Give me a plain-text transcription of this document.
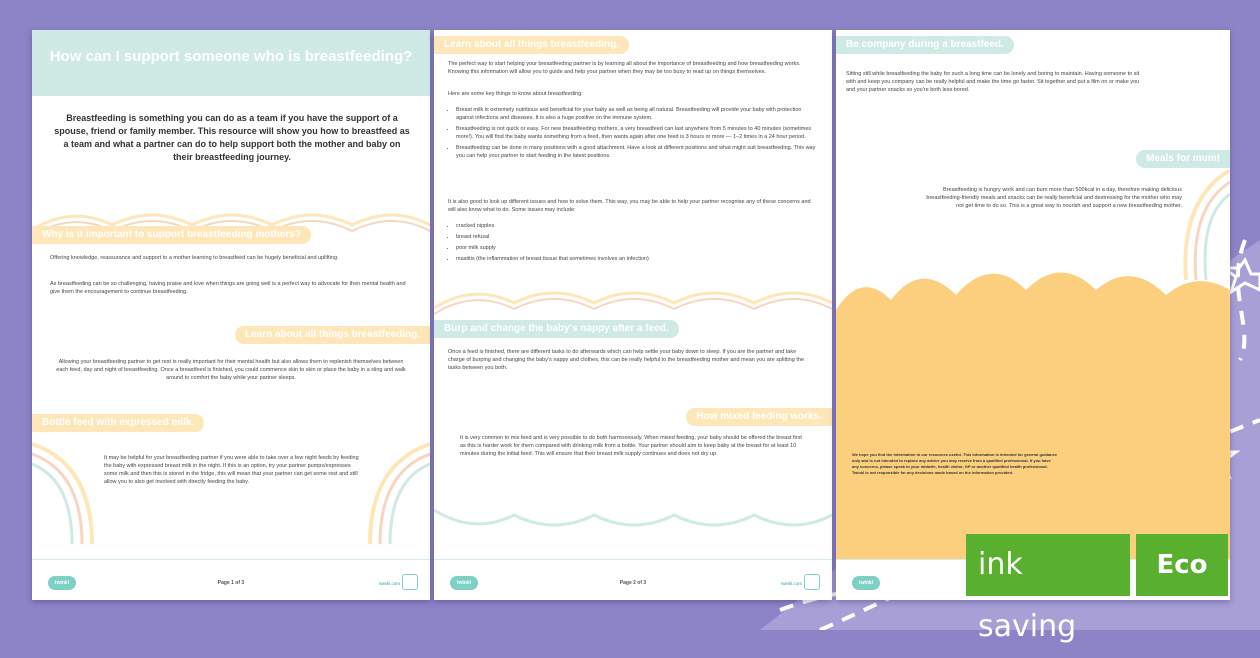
How can I support someone who is breastfeeding?
Breastfeeding is something you can do as a team if you have the support of a spouse, friend or family member. This resource will show you how to breastfeed as a team and what a partner can do to help support both the mother and baby on their breastfeeding journey.
Why is it important to support breastfeeding mothers?
Offering knowledge, reassurance and support to a mother learning to breastfeed can be hugely beneficial and uplifting.
As breastfeeding can be so challenging, having praise and love when things are going well is a perfect way to advocate for their mental health and give them the encouragement to continue breastfeeding.
Learn about all things breastfeeding.
Allowing your breastfeeding partner to get rest is really important for their mental health but also allows them to replenish themselves between each feed, day and night of breastfeeding. Once a breastfeed is finished, you could commence skin to skin or place the baby in a sling and walk around to comfort the baby while your partner sleeps.
Bottle feed with expressed milk.
It may be helpful for your breastfeeding partner if you were able to take over a few night feeds by feeding the baby with expressed breast milk in the night. If this is an option, try your partner pumps/expresses some milk and then this is stored in the fridge, this will mean that your partner can get some rest and still allow you to also get involved with directly feeding the baby.
twinkl	Page 1 of 3	twinkl.com
Learn about all things breastfeeding.
The perfect way to start helping your breastfeeding partner is by learning all about the importance of breastfeeding and how breastfeeding works. Knowing this information will allow you to guide and help your partner when they may be too busy to read up on things themselves.
Here are some key things to know about breastfeeding:
• Breast milk is extremely nutritious and beneficial for your baby as well as being all natural. Breastfeeding will provide your baby with protection against infections and diseases. It is also a huge positive on the immune system.
• Breastfeeding is not quick or easy. For new breastfeeding mothers, a very breastfeed can last anywhere from 5 minutes to 40 minutes (sometimes more!). You will find the baby wants something from a feed, then wants again after one feed is 3 hours or more — 1–2 times in a 24 hour period.
• Breastfeeding can be done in many positions with a good attachment. Have a look at different positions and what might suit breastfeeding. This way you can help your partner to start feeding in the latest positions.
It is also good to look up different issues and how to solve them. This way, you may be able to help your partner recognise any of these concerns and will also know what to do. Some issues may include:
• cracked nipples
• breast refusal
• poor milk supply
• mastitis (the inflammation of breast tissue that sometimes involves an infection)
Burp and change the baby's nappy after a feed.
Once a feed is finished, there are different tasks to do afterwards which can help settle your baby down to sleep. If you are the partner and take charge of burping and changing the baby's nappy and clothes, this can be really helpful to the breastfeeding mother and mean you are splitting the tasks between you both.
How mixed feeding works.
It is very common to mix feed and is very possible to do both harmoniously. When mixed feeding, your baby should be offered the breast first as this is harder work for them compared with drinking milk from a bottle. Your partner should aim to keep baby at the breast for at least 10 minutes during the initial feed. This will ensure that their breast milk supply continues and does not dry up.
twinkl	Page 2 of 3	twinkl.com
Be company during a breastfeed.
Sitting still while breastfeeding the baby for such a long time can be lonely and boring to maintain. Having someone to sit with and keep you company can be really helpful and make the time go faster. Sit together and put a film on or make you and your partner snacks so you're both less bored.
Meals for mum!
Breastfeeding is hungry work and can burn more than 500kcal in a day, therefore making delicious breastfeeding-friendly meals and snacks can be really beneficial and destressing for the mother who may not get time to do so. This is a great way to nourish and support a new breastfeeding mother.
We hope you find the information in our resources useful. This information is intended for general guidance only and is not intended to replace any advice you may receive from a qualified professional. If you have any concerns, please speak to your midwife, health visitor, GP or another qualified health professional. Twinkl is not responsible for any decisions made based on the information provided.
twinkl
ink saving
Eco
